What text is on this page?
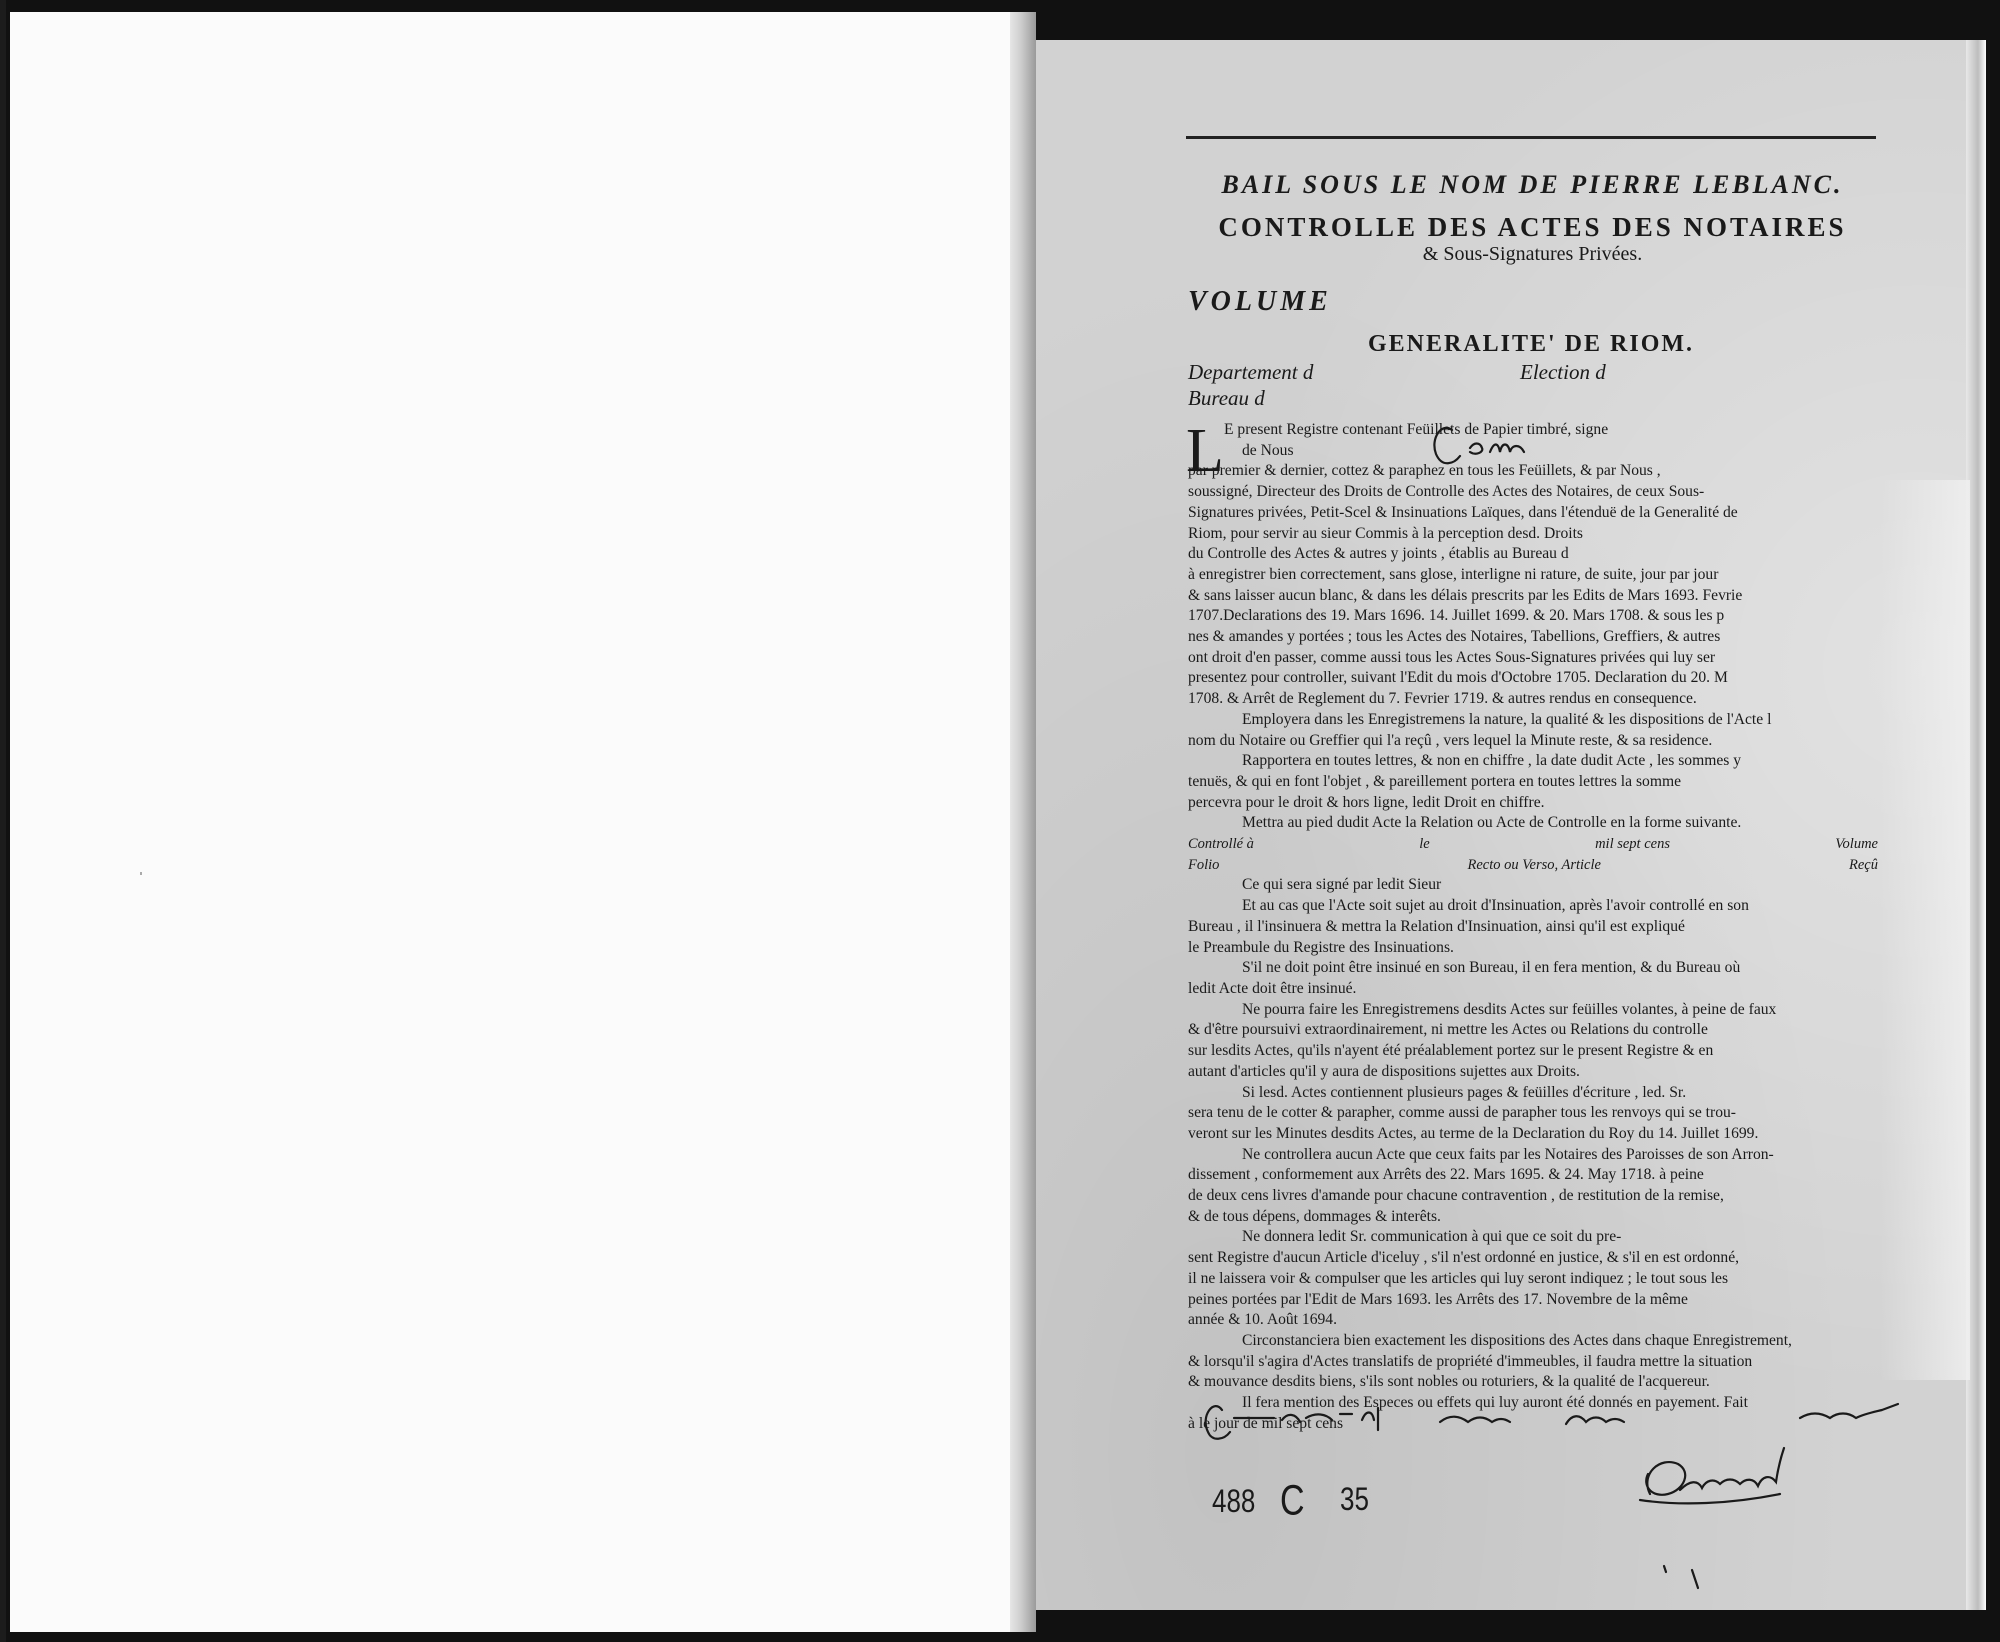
BAIL SOUS LE NOM DE PIERRE LEBLANC.
CONTROLLE DES ACTES DES NOTAIRES
& Sous-Signatures Privées.
VOLUME
GENERALITE' DE RIOM.
Departement d	Election d
Bureau d
L E present Registre contenant Feüillets de Papier timbré, signe
de Nous
par premier & dernier, cottez & paraphez en tous les Feüillets, & par Nous ,
soussigné, Directeur des Droits de Controlle des Actes des Notaires, de ceux Sous-
Signatures privées, Petit-Scel & Insinuations Laïques, dans l'étenduë de la Generalité de
Riom, pour servir au sieur Commis à la perception desd. Droits
du Controlle des Actes & autres y joints , établis au Bureau d
à enregistrer bien correctement, sans glose, interligne ni rature, de suite, jour par jour
& sans laisser aucun blanc, & dans les délais prescrits par les Edits de Mars 1693. Fevrie
1707.Declarations des 19. Mars 1696. 14. Juillet 1699. & 20. Mars 1708. & sous les p
nes & amandes y portées ; tous les Actes des Notaires, Tabellions, Greffiers, & autres
ont droit d'en passer, comme aussi tous les Actes Sous-Signatures privées qui luy ser
presentez pour controller, suivant l'Edit du mois d'Octobre 1705. Declaration du 20. M
1708. & Arrêt de Reglement du 7. Fevrier 1719. & autres rendus en consequence.
Employera dans les Enregistremens la nature, la qualité & les dispositions de l'Acte l
nom du Notaire ou Greffier qui l'a reçû , vers lequel la Minute reste, & sa residence.
Rapportera en toutes lettres, & non en chiffre , la date dudit Acte , les sommes y
tenuës, & qui en font l'objet , & pareillement portera en toutes lettres la somme
percevra pour le droit & hors ligne, ledit Droit en chiffre.
Mettra au pied dudit Acte la Relation ou Acte de Controlle en la forme suivante.
Controllé à	le	mil sept cens	Volume
Folio	Recto ou Verso, Article	Reçû
Ce qui sera signé par ledit Sieur
Et au cas que l'Acte soit sujet au droit d'Insinuation, après l'avoir controllé en son
Bureau , il l'insinuera & mettra la Relation d'Insinuation, ainsi qu'il est expliqué
le Preambule du Registre des Insinuations.
S'il ne doit point être insinué en son Bureau, il en fera mention, & du Bureau où
ledit Acte doit être insinué.
Ne pourra faire les Enregistremens desdits Actes sur feüilles volantes, à peine de faux
& d'être poursuivi extraordinairement, ni mettre les Actes ou Relations du controlle
sur lesdits Actes, qu'ils n'ayent été préalablement portez sur le present Registre & en
autant d'articles qu'il y aura de dispositions sujettes aux Droits.
Si lesd. Actes contiennent plusieurs pages & feüilles d'écriture , led. Sr.
sera tenu de le cotter & parapher, comme aussi de parapher tous les renvoys qui se trou-
veront sur les Minutes desdits Actes, au terme de la Declaration du Roy du 14. Juillet 1699.
Ne controllera aucun Acte que ceux faits par les Notaires des Paroisses de son Arron-
dissement , conformement aux Arrêts des 22. Mars 1695. & 24. May 1718. à peine
de deux cens livres d'amande pour chacune contravention , de restitution de la remise,
& de tous dépens, dommages & interêts.
Ne donnera ledit Sr. communication à qui que ce soit du pre-
sent Registre d'aucun Article d'iceluy , s'il n'est ordonné en justice, & s'il en est ordonné,
il ne laissera voir & compulser que les articles qui luy seront indiquez ; le tout sous les
peines portées par l'Edit de Mars 1693. les Arrêts des 17. Novembre de la même
année & 10. Août 1694.
Circonstanciera bien exactement les dispositions des Actes dans chaque Enregistrement,
& lorsqu'il s'agira d'Actes translatifs de propriété d'immeubles, il faudra mettre la situation
& mouvance desdits biens, s'ils sont nobles ou roturiers, & la qualité de l'acquereur.
Il fera mention des Especes ou effets qui luy auront été donnés en payement. Fait
à le jour de mil sept cens
488 C 35
